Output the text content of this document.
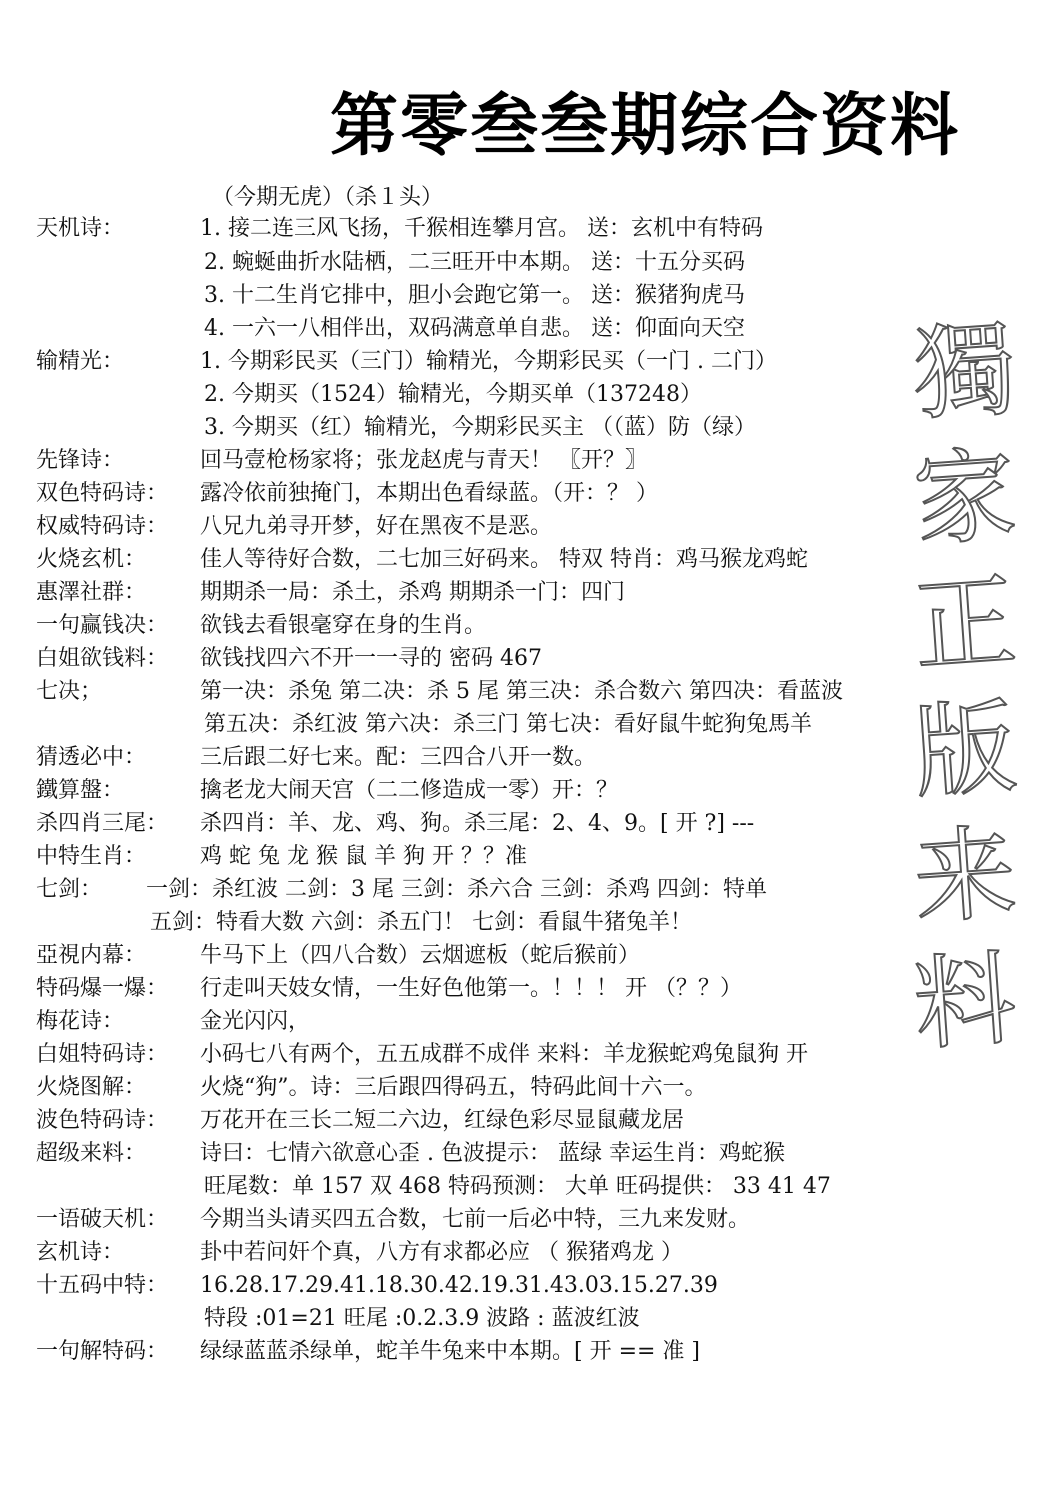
第零叁叁期综合资料
（今期无虎）（杀１头）
天机诗：	1. 接二连三风飞扬，千猴相连攀月宫。 送：玄机中有特码
2. 蜿蜒曲折水陆栖，二三旺开中本期。 送：十五分买码
3. 十二生肖它排中，胆小会跑它第一。 送：猴猪狗虎马
4. 一六一八相伴出，双码满意单自悲。 送：仰面向天空
输精光：	1. 今期彩民买（三门）输精光，今期彩民买（一门 . 二门）
2. 今期买（1524）输精光，今期买单（137248）
3. 今期买（红）输精光，今期彩民买主 （（蓝）防（绿）
先锋诗：	回马壹枪杨家将；张龙赵虎与青天！ 〖开？〗
双色特码诗： 露冷依前独掩门，本期出色看绿蓝。（开：？ ）
权威特码诗： 八兄九弟寻开梦，好在黑夜不是恶。
火烧玄机： 佳人等待好合数，二七加三好码来。 特双 特肖：鸡马猴龙鸡蛇
惠澤社群： 期期杀一局：杀土，杀鸡 期期杀一门：四门
一句赢钱决： 欲钱去看银毫穿在身的生肖。
白姐欲钱料： 欲钱找四六不开一一寻的 密码 467
七决；	第一决：杀兔 第二决：杀 5 尾 第三决：杀合数六 第四决：看蓝波
第五决：杀红波 第六决：杀三门 第七决：看好鼠牛蛇狗兔馬羊
猜透必中： 三后跟二好七来。配：三四合八开一数。
鐵算盤：	擒老龙大闹天宫（二二修造成一零）开：？
杀四肖三尾： 杀四肖：羊、龙、鸡、狗。杀三尾：2、4、9。[ 开 ?] ---
中特生肖： 鸡 蛇 兔 龙 猴 鼠 羊 狗 开 ？？准
七剑： 一剑：杀红波 二剑：3 尾 三剑：杀六合 三剑：杀鸡 四剑：特单
五剑：特看大数 六剑：杀五门！ 七剑：看鼠牛猪兔羊！
亞視内幕： 牛马下上（四八合数）云烟遮板（蛇后猴前）
特码爆一爆： 行走叫天妓女情，一生好色他第一。！！！ 开 （？？）
梅花诗：	金光闪闪，
白姐特码诗： 小码七八有两个，五五成群不成伴 来料：羊龙猴蛇鸡兔鼠狗 开
火烧图解： 火烧“狗”。诗：三后跟四得码五，特码此间十六一。
波色特码诗： 万花开在三长二短二六边，红绿色彩尽显鼠藏龙居
超级来料： 诗曰：七情六欲意心歪 . 色波提示： 蓝绿 幸运生肖：鸡蛇猴
旺尾数：单 157 双 468 特码预测： 大单 旺码提供： 33 41 47
一语破天机： 今期当头请买四五合数，七前一后必中特，三九来发财。
玄机诗：	卦中若问奸个真，八方有求都必应 （ 猴猪鸡龙 ）
十五码中特： 16.28.17.29.41.18.30.42.19.31.43.03.15.27.39
特段 :01=21 旺尾 :0.2.3.9 波路 : 蓝波红波
一句解特码： 绿绿蓝蓝杀绿单，蛇羊牛兔来中本期。[ 开 == 准 ]
獨
家
正
版
来
料
